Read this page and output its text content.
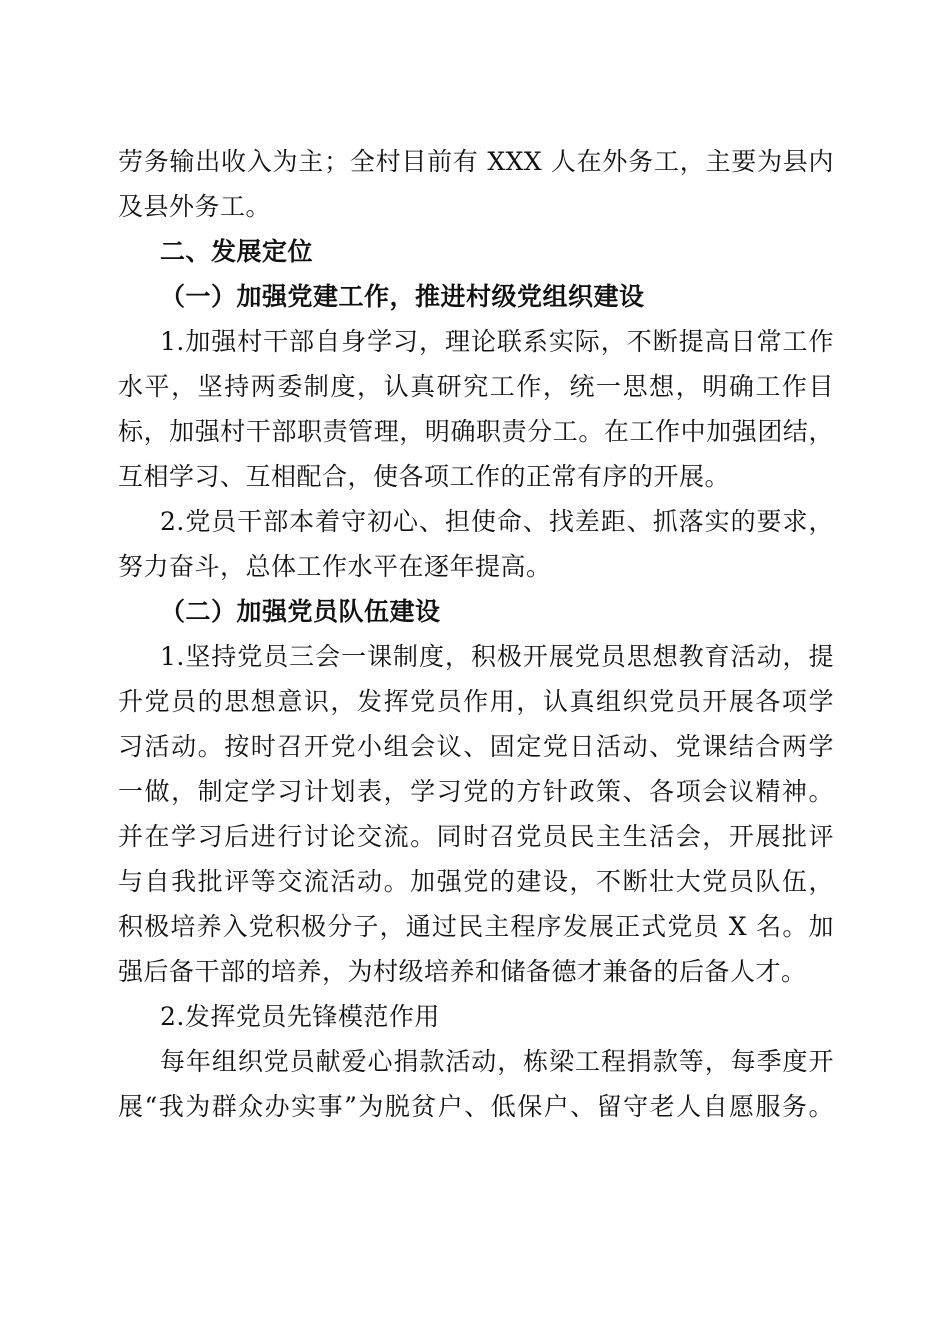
劳务输出收入为主；全村目前有 XXX 人在外务工，主要为县内
及县外务工。
二、发展定位
（一）加强党建工作，推进村级党组织建设
1.加强村干部自身学习，理论联系实际，不断提高日常工作
水平，坚持两委制度，认真研究工作，统一思想，明确工作目
标，加强村干部职责管理，明确职责分工。在工作中加强团结，
互相学习、互相配合，使各项工作的正常有序的开展。
2.党员干部本着守初心、担使命、找差距、抓落实的要求，
努力奋斗，总体工作水平在逐年提高。
（二）加强党员队伍建设
1.坚持党员三会一课制度，积极开展党员思想教育活动，提
升党员的思想意识，发挥党员作用，认真组织党员开展各项学
习活动。按时召开党小组会议、固定党日活动、党课结合两学
一做，制定学习计划表，学习党的方针政策、各项会议精神。
并在学习后进行讨论交流。同时召党员民主生活会，开展批评
与自我批评等交流活动。加强党的建设，不断壮大党员队伍，
积极培养入党积极分子，通过民主程序发展正式党员 X 名。加
强后备干部的培养，为村级培养和储备德才兼备的后备人才。
2.发挥党员先锋模范作用
每年组织党员献爱心捐款活动，栋梁工程捐款等，每季度开
展“我为群众办实事”为脱贫户、低保户、留守老人自愿服务。
